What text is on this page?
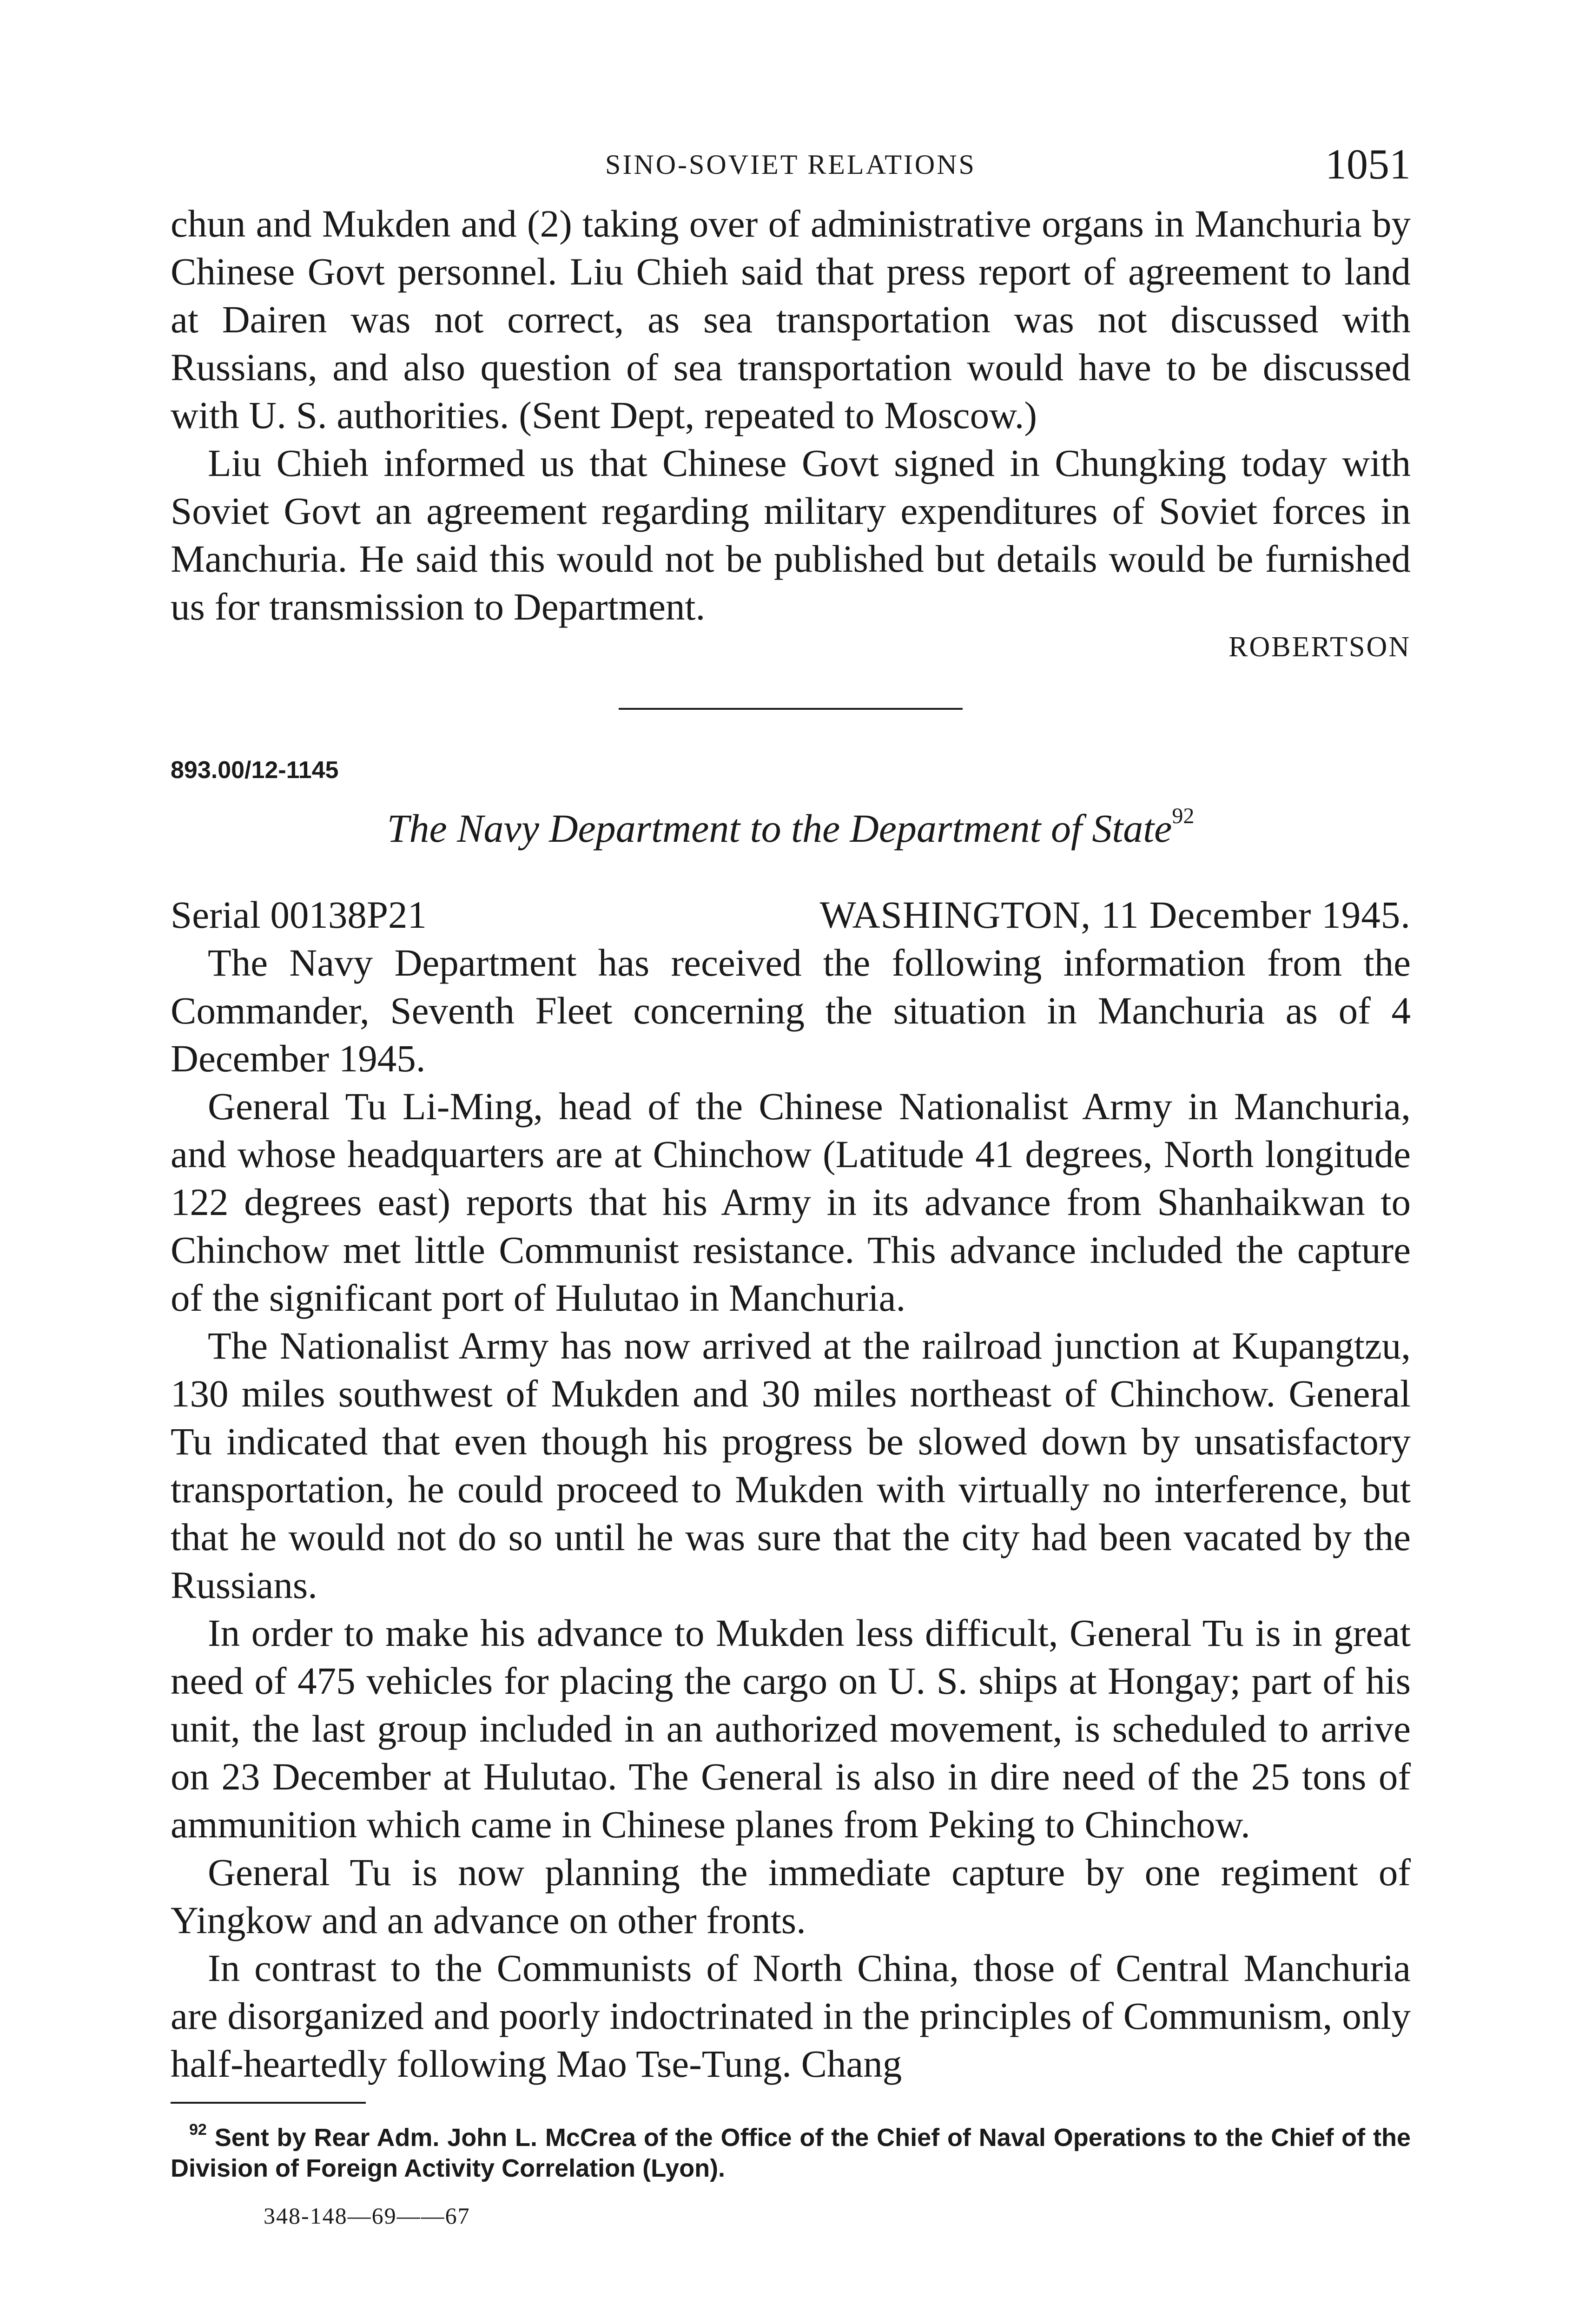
SINO-SOVIET RELATIONS	1051

chun and Mukden and (2) taking over of administrative organs in Manchuria by Chinese Govt personnel. Liu Chieh said that press report of agreement to land at Dairen was not correct, as sea transportation was not discussed with Russians, and also question of sea transportation would have to be discussed with U. S. authorities. (Sent Dept, repeated to Moscow.)

Liu Chieh informed us that Chinese Govt signed in Chungking today with Soviet Govt an agreement regarding military expenditures of Soviet forces in Manchuria. He said this would not be published but details would be furnished us for transmission to Department.

ROBERTSON
893.00/12-1145
The Navy Department to the Department of State$^{92}$
Serial 00138P21	WASHINGTON, 11 December 1945.

The Navy Department has received the following information from the Commander, Seventh Fleet concerning the situation in Manchuria as of 4 December 1945.

General Tu Li-Ming, head of the Chinese Nationalist Army in Manchuria, and whose headquarters are at Chinchow (Latitude 41 degrees, North longitude 122 degrees east) reports that his Army in its advance from Shanhaikwan to Chinchow met little Communist resistance. This advance included the capture of the significant port of Hulutao in Manchuria.

The Nationalist Army has now arrived at the railroad junction at Kupangtzu, 130 miles southwest of Mukden and 30 miles northeast of Chinchow. General Tu indicated that even though his progress be slowed down by unsatisfactory transportation, he could proceed to Mukden with virtually no interference, but that he would not do so until he was sure that the city had been vacated by the Russians.

In order to make his advance to Mukden less difficult, General Tu is in great need of 475 vehicles for placing the cargo on U. S. ships at Hongay; part of his unit, the last group included in an authorized movement, is scheduled to arrive on 23 December at Hulutao. The General is also in dire need of the 25 tons of ammunition which came in Chinese planes from Peking to Chinchow.

General Tu is now planning the immediate capture by one regiment of Yingkow and an advance on other fronts.

In contrast to the Communists of North China, those of Central Manchuria are disorganized and poorly indoctrinated in the principles of Communism, only half-heartedly following Mao Tse-Tung. Chang

$^{92}$ Sent by Rear Adm. John L. McCrea of the Office of the Chief of Naval Operations to the Chief of the Division of Foreign Activity Correlation (Lyon).
348-148—69——67
